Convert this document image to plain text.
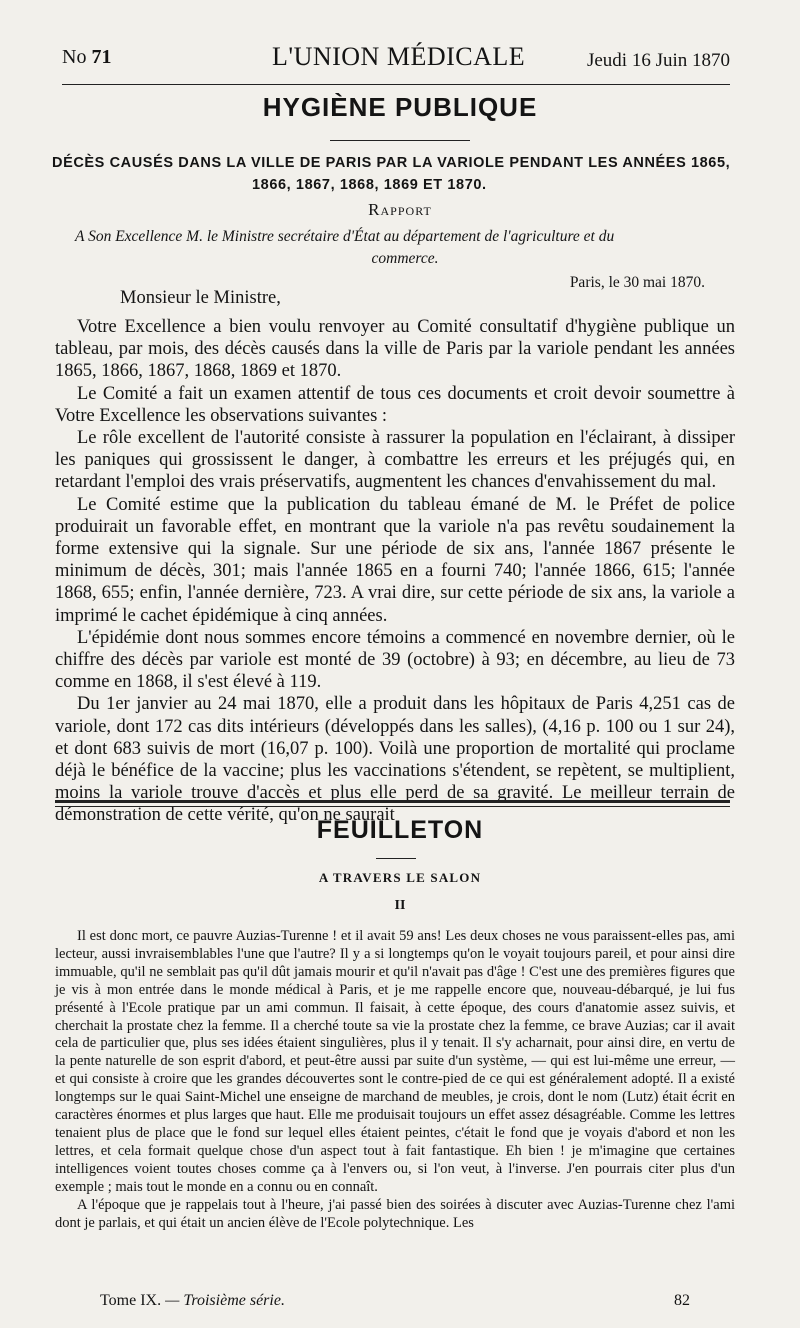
No 71	L'UNION MÉDICALE	Jeudi 16 Juin 1870
HYGIÈNE PUBLIQUE
DÉCÈS CAUSÉS DANS LA VILLE DE PARIS PAR LA VARIOLE PENDANT LES ANNÉES 1865,
1866, 1867, 1868, 1869 ET 1870.
Rapport
A Son Excellence M. le Ministre secrétaire d'État au département de l'agriculture et du
commerce.
Paris, le 30 mai 1870.
Monsieur le Ministre,

Votre Excellence a bien voulu renvoyer au Comité consultatif d'hygiène publique un tableau, par mois, des décès causés dans la ville de Paris par la variole pendant les années 1865, 1866, 1867, 1868, 1869 et 1870.

Le Comité a fait un examen attentif de tous ces documents et croit devoir soumettre à Votre Excellence les observations suivantes :

Le rôle excellent de l'autorité consiste à rassurer la population en l'éclairant, à dissiper les paniques qui grossissent le danger, à combattre les erreurs et les préjugés qui, en retardant l'emploi des vrais préservatifs, augmentent les chances d'envahissement du mal.

Le Comité estime que la publication du tableau émané de M. le Préfet de police produirait un favorable effet, en montrant que la variole n'a pas revêtu soudainement la forme extensive qui la signale. Sur une période de six ans, l'année 1867 présente le minimum de décès, 301; mais l'année 1865 en a fourni 740; l'année 1866, 615; l'année 1868, 655; enfin, l'année dernière, 723. A vrai dire, sur cette période de six ans, la variole a imprimé le cachet épidémique à cinq années.

L'épidémie dont nous sommes encore témoins a commencé en novembre dernier, où le chiffre des décès par variole est monté de 39 (octobre) à 93; en décembre, au lieu de 73 comme en 1868, il s'est élevé à 119.

Du 1er janvier au 24 mai 1870, elle a produit dans les hôpitaux de Paris 4,251 cas de variole, dont 172 cas dits intérieurs (développés dans les salles), (4,16 p. 100 ou 1 sur 24), et dont 683 suivis de mort (16,07 p. 100). Voilà une proportion de mortalité qui proclame déjà le bénéfice de la vaccine; plus les vaccinations s'étendent, se repètent, se multiplient, moins la variole trouve d'accès et plus elle perd de sa gravité. Le meilleur terrain de démonstration de cette vérité, qu'on ne saurait

FEUILLETON
A TRAVERS LE SALON
II

Il est donc mort, ce pauvre Auzias-Turenne ! et il avait 59 ans! Les deux choses ne vous paraissent-elles pas, ami lecteur, aussi invraisemblables l'une que l'autre? Il y a si longtemps qu'on le voyait toujours pareil, et pour ainsi dire immuable, qu'il ne semblait pas qu'il dût jamais mourir et qu'il n'avait pas d'âge ! C'est une des premières figures que je vis à mon entrée dans le monde médical à Paris, et je me rappelle encore que, nouveau-débarqué, je lui fus présenté à l'Ecole pratique par un ami commun. Il faisait, à cette époque, des cours d'anatomie assez suivis, et cherchait la prostate chez la femme. Il a cherché toute sa vie la prostate chez la femme, ce brave Auzias; car il avait cela de particulier que, plus ses idées étaient singulières, plus il y tenait. Il s'y acharnait, pour ainsi dire, en vertu de la pente naturelle de son esprit d'abord, et peut-être aussi par suite d'un système, — qui est lui-même une erreur, — et qui consiste à croire que les grandes découvertes sont le contre-pied de ce qui est généralement adopté. Il a existé longtemps sur le quai Saint-Michel une enseigne de marchand de meubles, je crois, dont le nom (Lutz) était écrit en caractères énormes et plus larges que haut. Elle me produisait toujours un effet assez désagréable. Comme les lettres tenaient plus de place que le fond sur lequel elles étaient peintes, c'était le fond que je voyais d'abord et non les lettres, et cela formait quelque chose d'un aspect tout à fait fantastique. Eh bien ! je m'imagine que certaines intelligences voient toutes choses comme ça à l'envers ou, si l'on veut, à l'inverse. J'en pourrais citer plus d'un exemple ; mais tout le monde en a connu ou en connaît.

A l'époque que je rappelais tout à l'heure, j'ai passé bien des soirées à discuter avec Auzias-Turenne chez l'ami dont je parlais, et qui était un ancien élève de l'Ecole polytechnique. Les

Tome IX. — Troisième série.	82
